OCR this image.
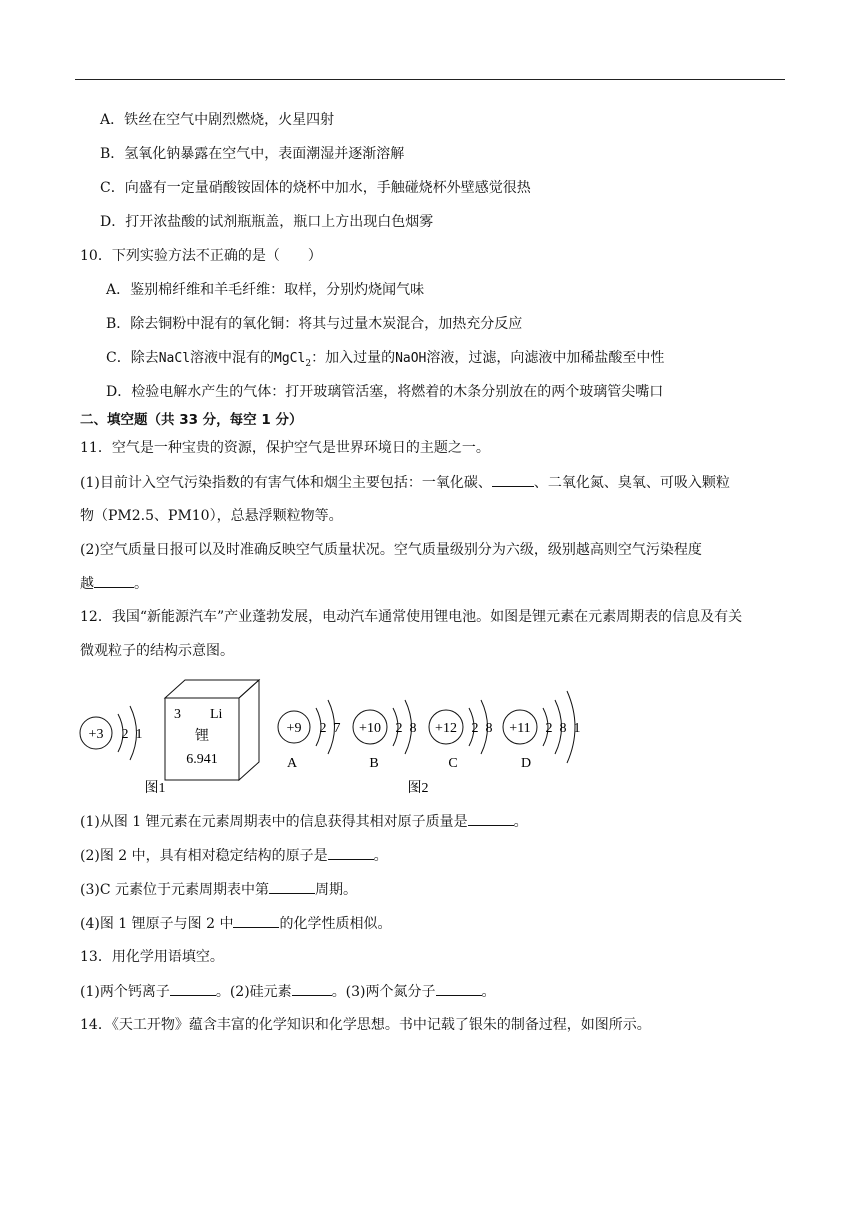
A．铁丝在空气中剧烈燃烧，火星四射
B．氢氧化钠暴露在空气中，表面潮湿并逐渐溶解
C．向盛有一定量硝酸铵固体的烧杯中加水，手触碰烧杯外壁感觉很热
D．打开浓盐酸的试剂瓶瓶盖，瓶口上方出现白色烟雾
10．下列实验方法不正确的是（　　）
A．鉴别棉纤维和羊毛纤维：取样，分别灼烧闻气味
B．除去铜粉中混有的氧化铜：将其与过量木炭混合，加热充分反应
C．除去NaCl溶液中混有的MgCl$_2$：加入过量的NaOH溶液，过滤，向滤液中加稀盐酸至中性
D．检验电解水产生的气体：打开玻璃管活塞，将燃着的木条分别放在的两个玻璃管尖嘴口
二、填空题（共 33 分，每空 1 分）
11．空气是一种宝贵的资源，保护空气是世界环境日的主题之一。
(1)目前计入空气污染指数的有害气体和烟尘主要包括：一氧化碳、	、二氧化氮、臭氧、可吸入颗粒
物（PM2.5、PM10），总悬浮颗粒物等。
(2)空气质量日报可以及时准确反映空气质量状况。空气质量级别分为六级，级别越高则空气污染程度
越	。
12．我国“新能源汽车”产业蓬勃发展，电动汽车通常使用锂电池。如图是锂元素在元素周期表的信息及有关
微观粒子的结构示意图。
+3 2 1
3 Li
锂
6.941
图1
+9 2 7
A
+10 2 8
B
+12 2 8
C
+11 2 8 1
D
图2
(1)从图 1 锂元素在元素周期表中的信息获得其相对原子质量是	。
(2)图 2 中，具有相对稳定结构的原子是	。
(3)C 元素位于元素周期表中第	周期。
(4)图 1 锂原子与图 2 中	的化学性质相似。
13．用化学用语填空。
(1)两个钙离子	。(2)硅元素	。(3)两个氮分子	。
14．《天工开物》蕴含丰富的化学知识和化学思想。书中记载了银朱的制备过程，如图所示。
